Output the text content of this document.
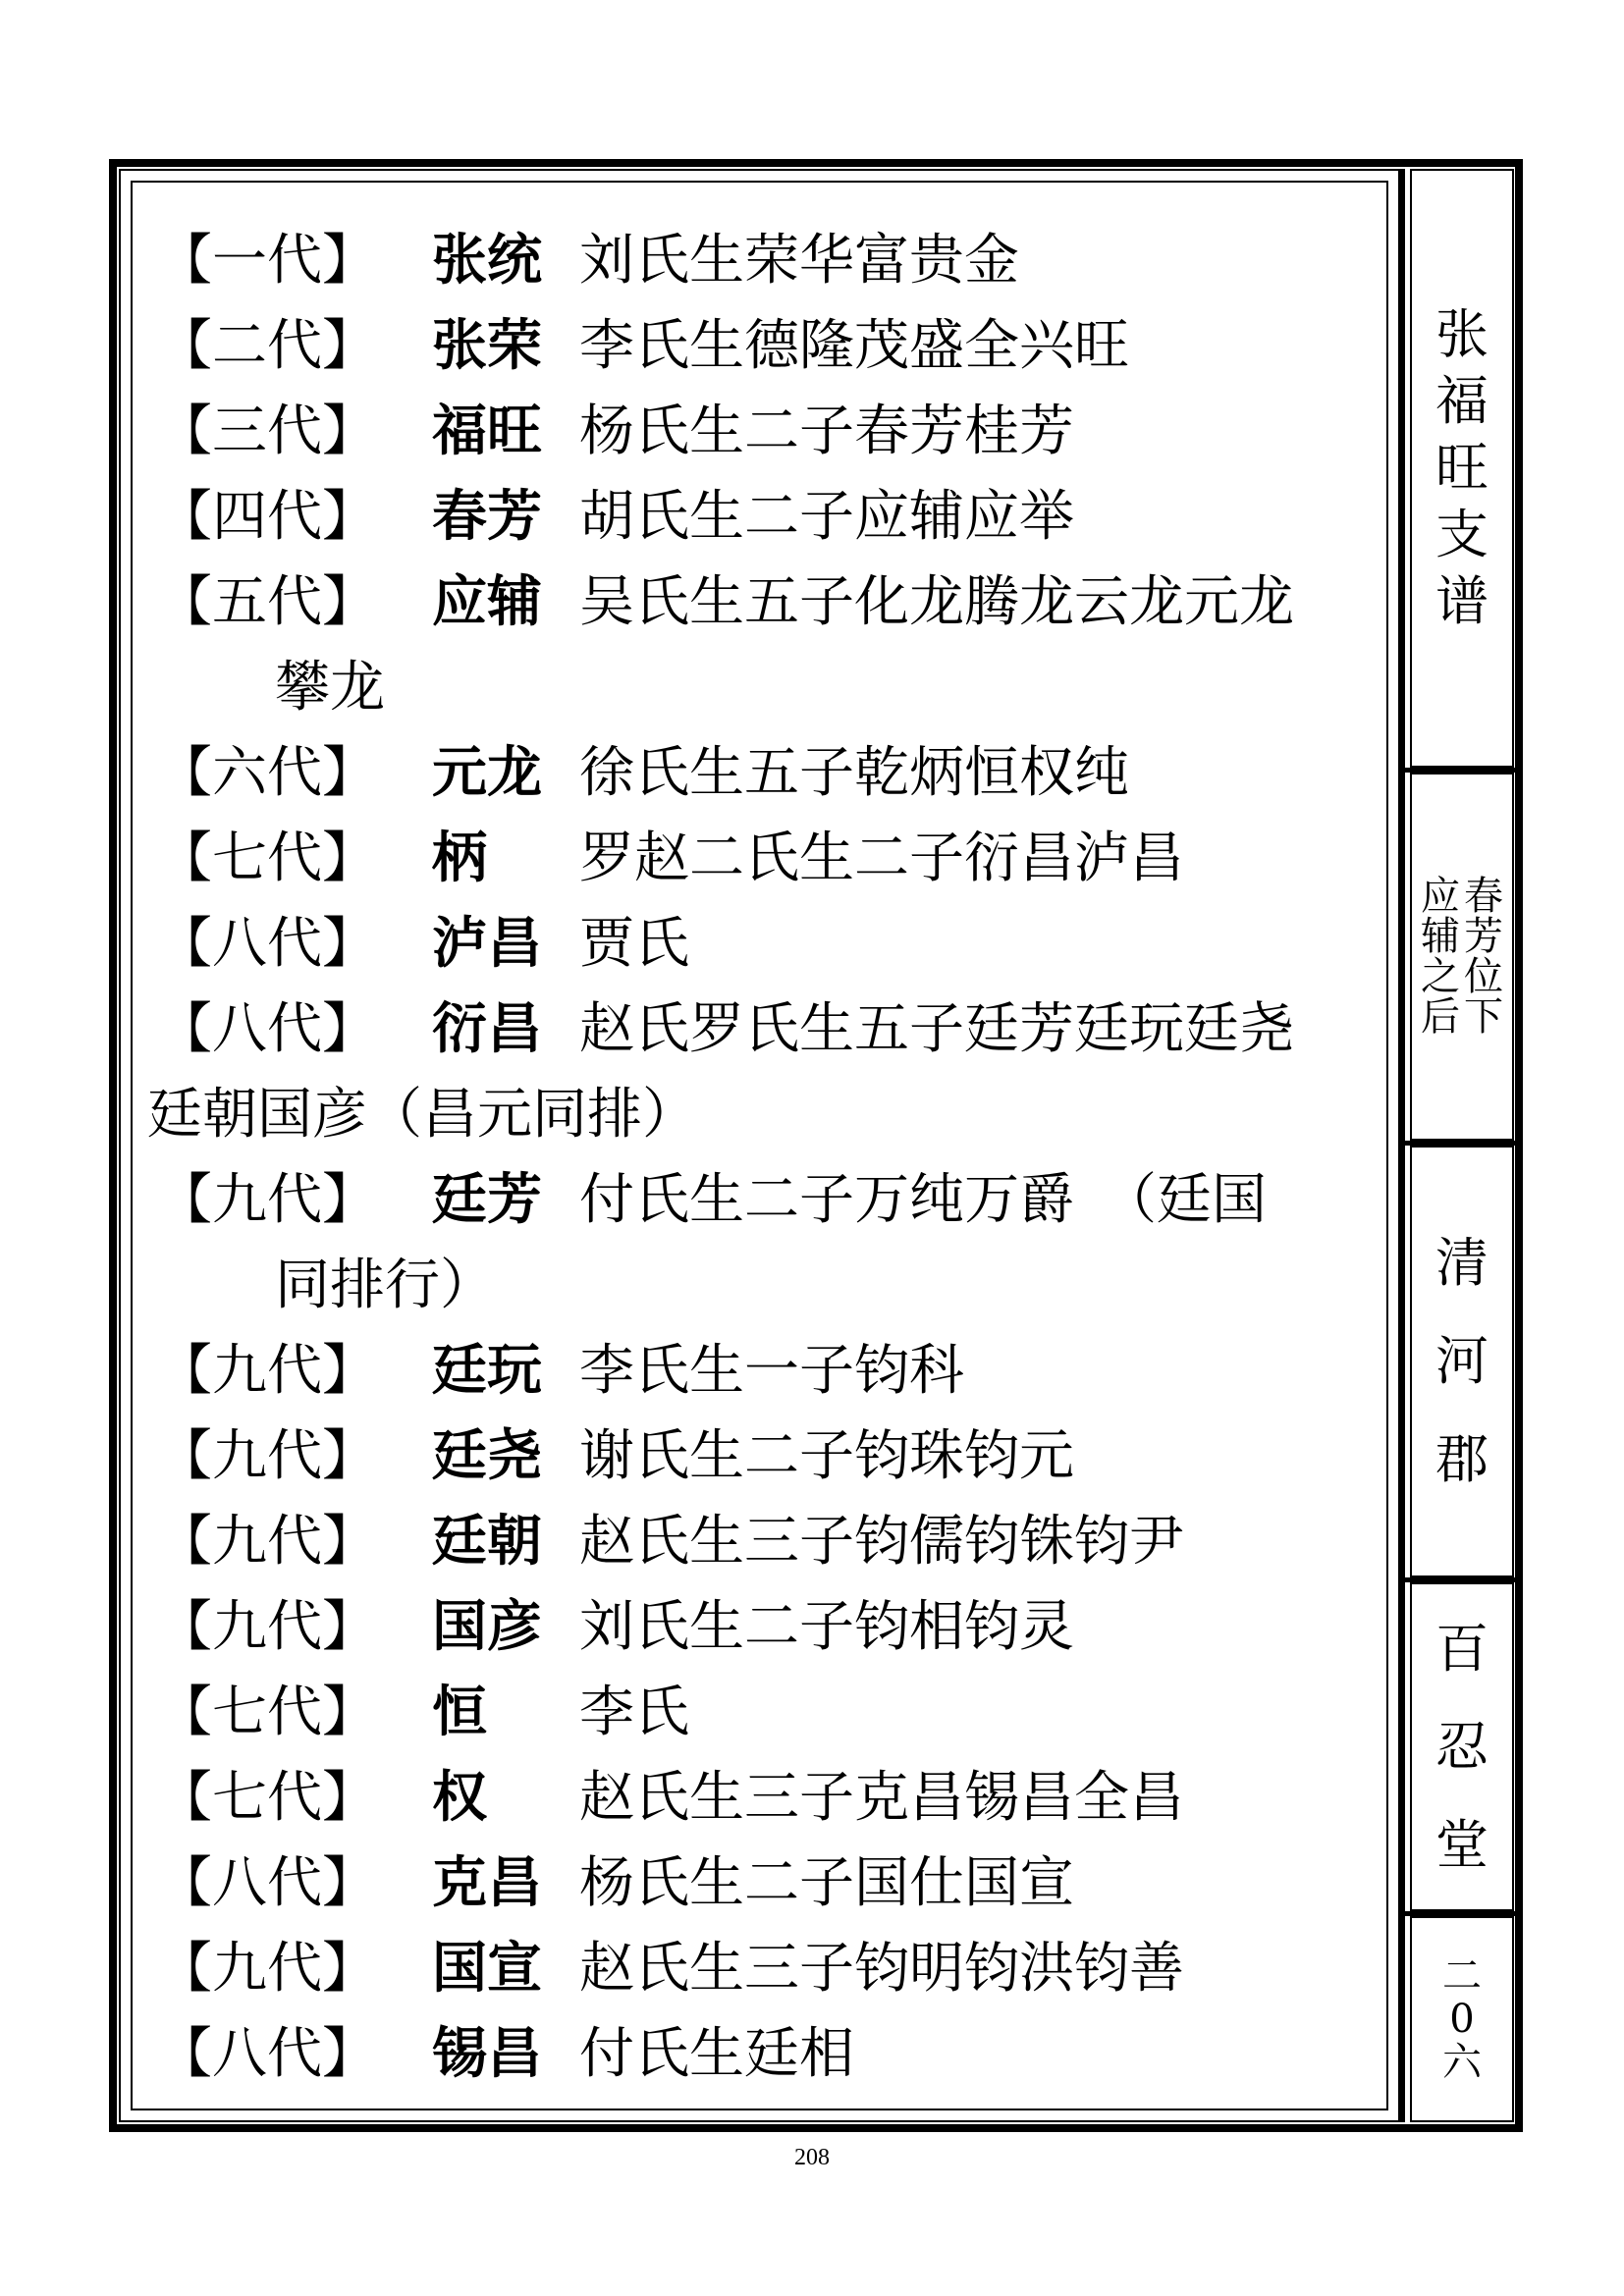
张
福
旺
支
谱
春
芳
位
下
应
辅
之
后
清
河
郡
百
忍
堂
二
0
六
【一代】	张统 刘氏生荣华富贵金
【二代】	张荣 李氏生德隆茂盛全兴旺
【三代】	福旺 杨氏生二子春芳桂芳
【四代】	春芳 胡氏生二子应辅应举
【五代】	应辅 吴氏生五子化龙腾龙云龙元龙
攀龙
【六代】	元龙 徐氏生五子乾炳恒权纯
【七代】	柄	罗赵二氏生二子衍昌泸昌
【八代】	泸昌 贾氏
【八代】	衍昌 赵氏罗氏生五子廷芳廷玩廷尧
廷朝国彦（昌元同排）
【九代】	廷芳 付氏生二子万纯万爵　（廷国
同排行）
【九代】	廷玩 李氏生一子钧科
【九代】	廷尧 谢氏生二子钧珠钧元
【九代】	廷朝 赵氏生三子钧儒钧铢钧尹
【九代】	国彦 刘氏生二子钧相钧灵
【七代】	恒	李氏
【七代】	权	赵氏生三子克昌锡昌全昌
【八代】	克昌 杨氏生二子国仕国宣
【九代】	国宣 赵氏生三子钧明钧洪钧善
【八代】	锡昌 付氏生廷相
208
